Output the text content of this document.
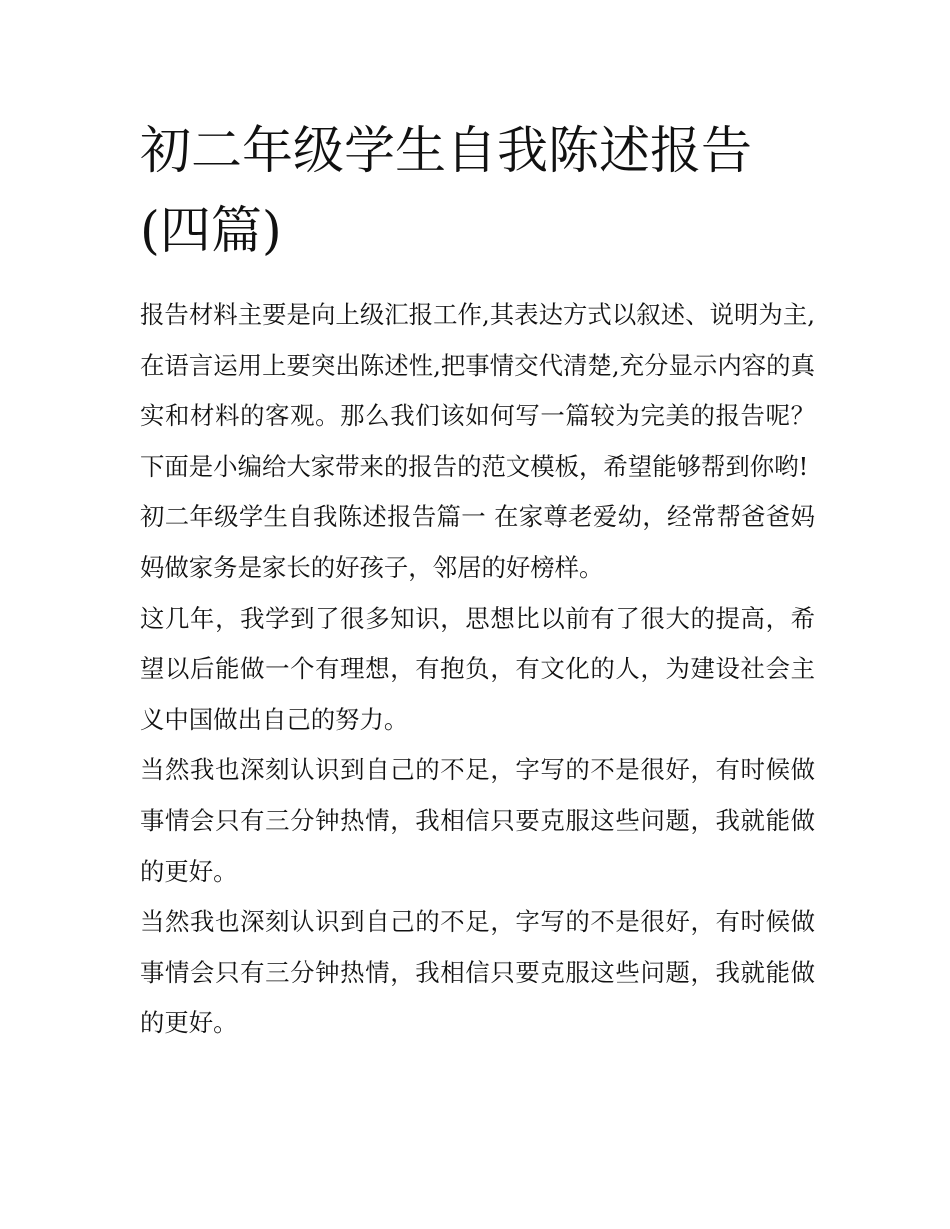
初二年级学生自我陈述报告(四篇)

报告材料主要是向上级汇报工作,其表达方式以叙述、说明为主,在语言运用上要突出陈述性,把事情交代清楚,充分显示内容的真实和材料的客观。那么我们该如何写一篇较为完美的报告呢？下面是小编给大家带来的报告的范文模板，希望能够帮到你哟!

初二年级学生自我陈述报告篇一 在家尊老爱幼，经常帮爸爸妈妈做家务是家长的好孩子，邻居的好榜样。

这几年，我学到了很多知识，思想比以前有了很大的提高，希望以后能做一个有理想，有抱负，有文化的人，为建设社会主义中国做出自己的努力。

当然我也深刻认识到自己的不足，字写的不是很好，有时候做事情会只有三分钟热情，我相信只要克服这些问题，我就能做的更好。

当然我也深刻认识到自己的不足，字写的不是很好，有时候做事情会只有三分钟热情，我相信只要克服这些问题，我就能做的更好。
